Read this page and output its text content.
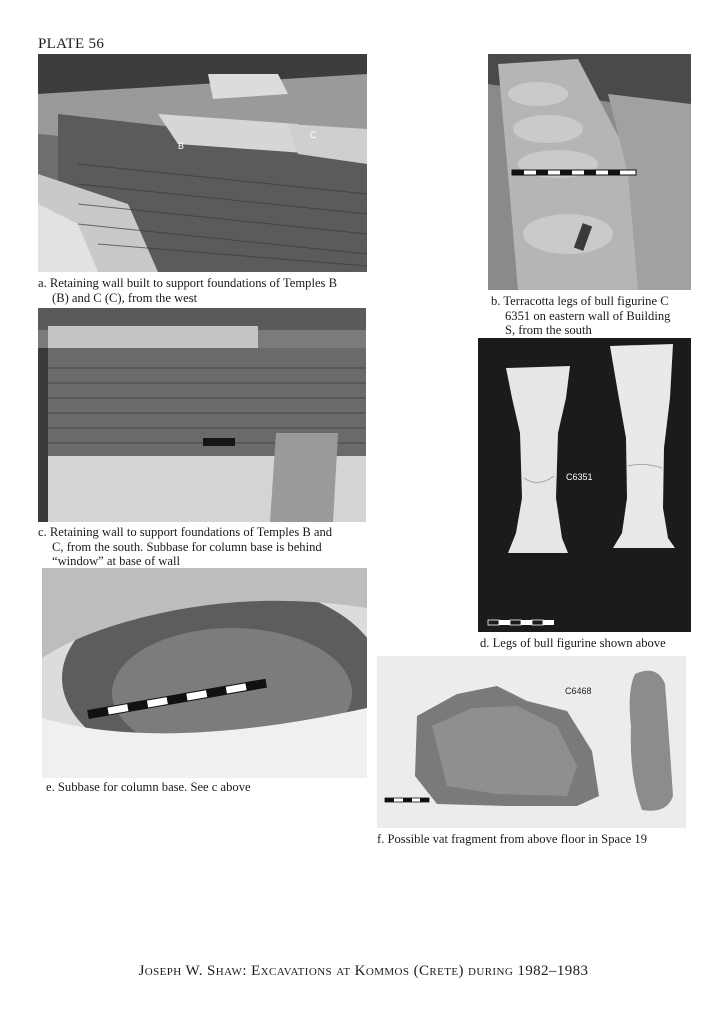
PLATE 56
B
C
a. Retaining wall built to support foundations of Temples B
(B) and C (C), from the west	b. Terracotta legs of bull figurine C
6351 on eastern wall of Building
S, from the south
c. Retaining wall to support foundations of Temples B and
C, from the south. Subbase for column base is behind
“window” at base of wall
C6351
d. Legs of bull figurine shown above
e. Subbase for column base. See c above
C6468
f. Possible vat fragment from above floor in Space 19
Joseph W. Shaw: Excavations at Kommos (Crete) during 1982–1983
